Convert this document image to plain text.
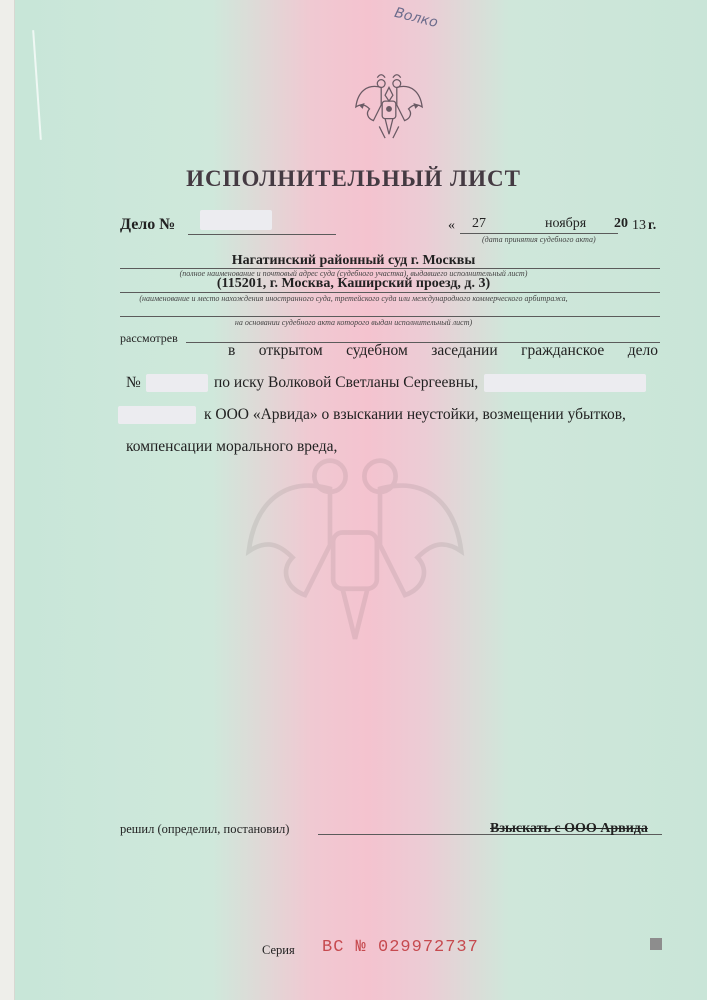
Волко
ИСПОЛНИТЕЛЬНЫЙ ЛИСТ
Дело №	« 27	ноября 20 13 г.
(дата принятия судебного акта)
Нагатинский районный суд г. Москвы
(полное наименование и почтовый адрес суда (судебного участка), выдавшего исполнительный лист)
(115201, г. Москва, Каширский проезд, д. 3)
(наименование и место нахождения иностранного суда, третейского суда или международного коммерческого арбитража,
на основании судебного акта которого выдан исполнительный лист)
рассмотрев
в открытом судебном заседании гражданское дело
№	по иску Волковой Светланы Сергеевны,
к ООО «Арвида» о взыскании неустойки, возмещении убытков,
компенсации морального вреда,
решил (определил, постановил)	Взыскать с ООО Арвида
Серия ВС № 029972737
